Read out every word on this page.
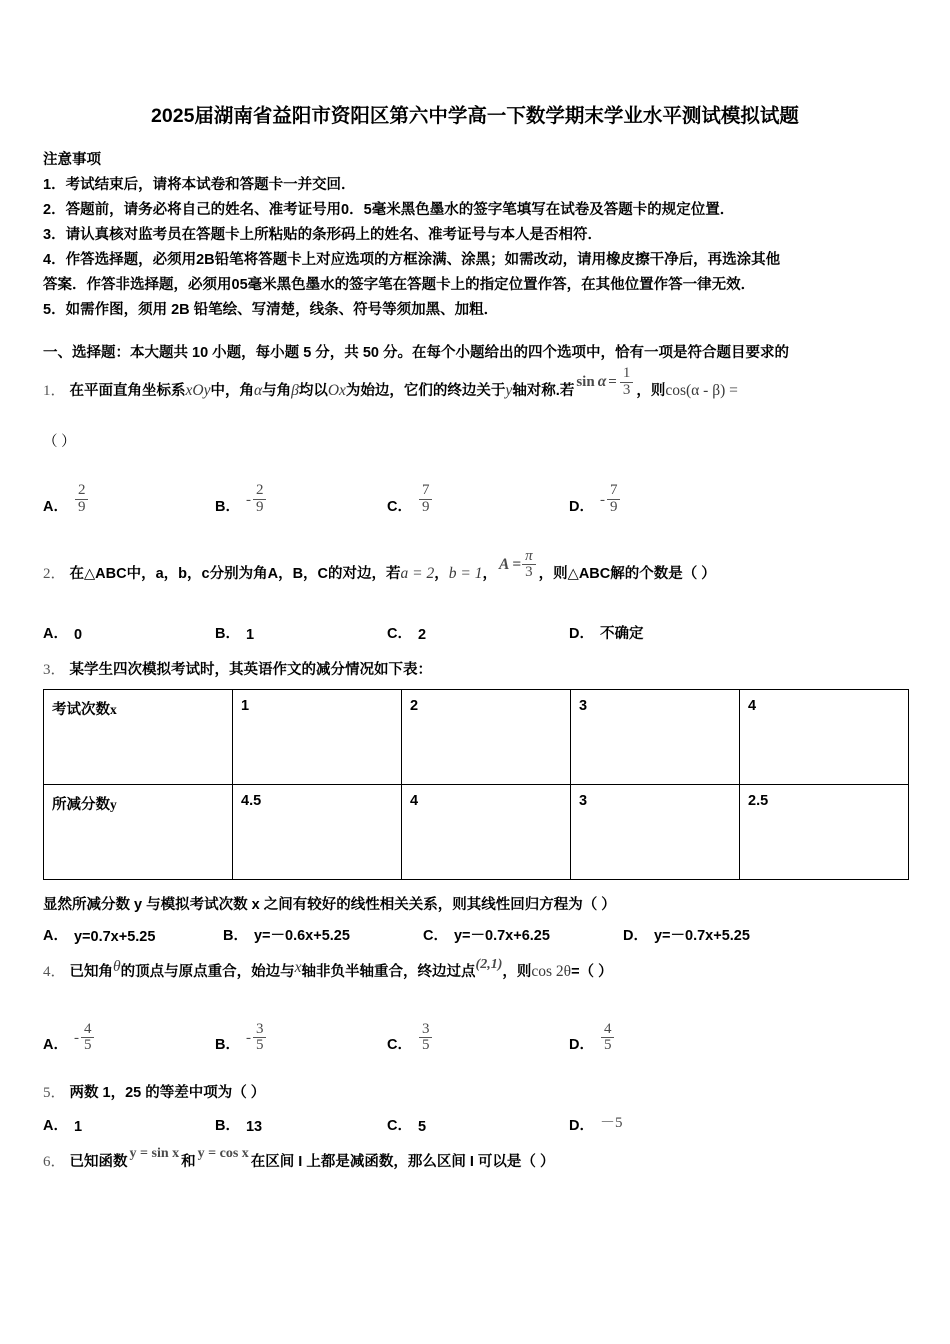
2025届湖南省益阳市资阳区第六中学高一下数学期末学业水平测试模拟试题
注意事项
1．考试结束后，请将本试卷和答题卡一并交回．
2．答题前，请务必将自己的姓名、准考证号用0．5毫米黑色墨水的签字笔填写在试卷及答题卡的规定位置．
3．请认真核对监考员在答题卡上所粘贴的条形码上的姓名、准考证号与本人是否相符．
4．作答选择题，必须用2B铅笔将答题卡上对应选项的方框涂满、涂黑；如需改动，请用橡皮擦干净后，再选涂其他
答案．作答非选择题，必须用05毫米黑色墨水的签字笔在答题卡上的指定位置作答，在其他位置作答一律无效．
5．如需作图，须用 2B 铅笔绘、写清楚，线条、符号等须加黑、加粗．
一、选择题：本大题共 10 小题，每小题 5 分，共 50 分。在每个小题给出的四个选项中，恰有一项是符合题目要求的
1． 在平面直角坐标系 xOy 中，角 α 与角 β 均以 Ox 为始边，它们的终边关于 y 轴对称.若
$\sin \alpha = \frac{1}{3}$ ，则 cos(α - β) =
（ ）
A． $\frac{2}{9}$	B． - $\frac{2}{9}$	C． $\frac{7}{9}$	D． - $\frac{7}{9}$
2． 在△ABC中， a，b，c 分别为角 A，B，C 的对边，若 a = 2 ， b = 1 ，
$A = \frac{\pi}{3}$ ，则△ABC解的个数是（ ）
A． 0	B． 1	C． 2	D． 不确定
3． 某学生四次模拟考试时，其英语作文的减分情况如下表：
考试次数x	1	2	3	4
所减分数y	4.5	4	3	2.5
显然所减分数 y 与模拟考试次数 x 之间有较好的线性相关关系，则其线性回归方程为（ ）
A． y=0.7x+5.25	B． y=－0.6x+5.25	C． y=－0.7x+6.25	D． y=－0.7x+5.25
4． 已知角 θ 的顶点与原点重合，始边与 x 轴非负半轴重合，终边过点 (2,1) ，则 cos 2θ =（ ）
A． - $\frac{4}{5}$	B． - $\frac{3}{5}$	C． $\frac{3}{5}$	D． $\frac{4}{5}$
5． 两数 1，25 的等差中项为（ ）
A． 1	B． 13	C． 5	D． －5
6． 已知函数
y = sin x
和
y = cos x
在区间 I 上都是减函数，那么区间 I 可以是（ ）
